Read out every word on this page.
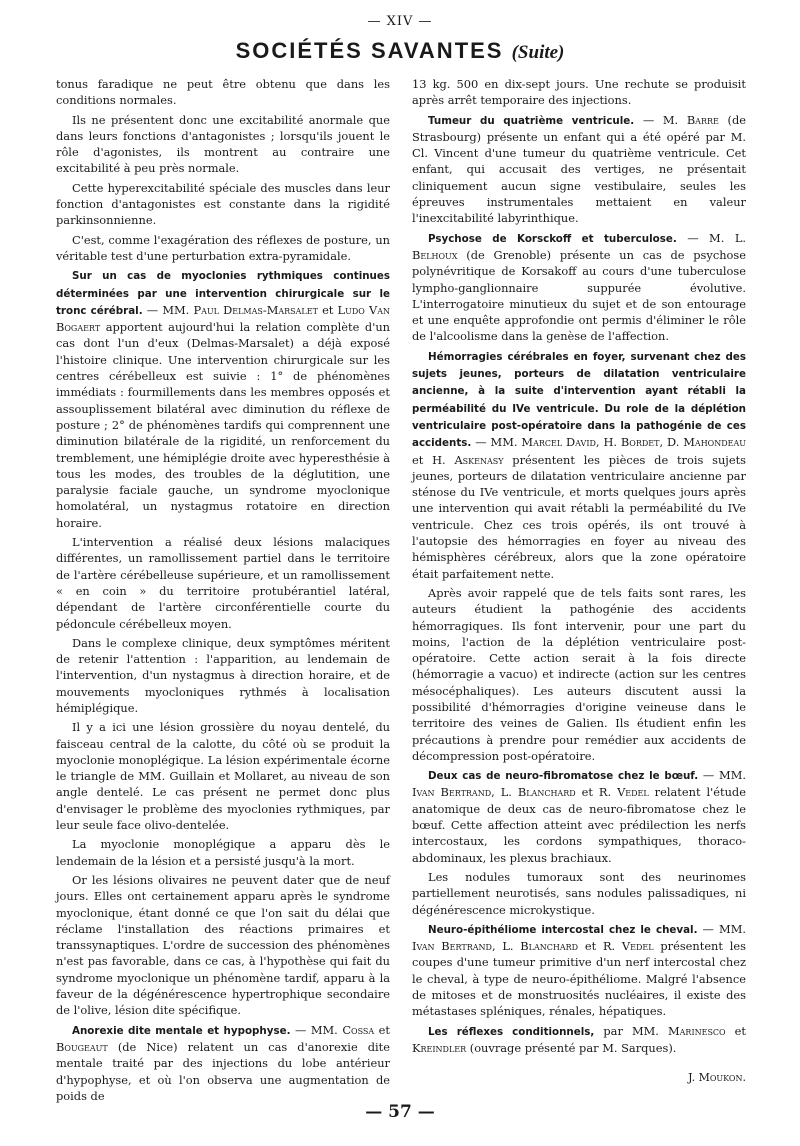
— XIV —
SOCIÉTÉS SAVANTES (Suite)

tonus faradique ne peut être obtenu que dans les conditions normales.

Ils ne présentent donc une excitabilité anormale que dans leurs fonctions d'antagonistes ; lorsqu'ils jouent le rôle d'agonistes, ils montrent au contraire une excitabilité à peu près normale.

Cette hyperexcitabilité spéciale des muscles dans leur fonction d'antagonistes est constante dans la rigidité parkinsonnienne.

C'est, comme l'exagération des réflexes de posture, un véritable test d'une perturbation extra-pyramidale.

Sur un cas de myoclonies rythmiques continues déterminées par une intervention chirurgicale sur le tronc cérébral. — MM. Paul Delmas-Marsalet et Ludo Van Bogaert apportent aujourd'hui la relation complète d'un cas dont l'un d'eux (Delmas-Marsalet) a déjà exposé l'histoire clinique. Une intervention chirurgicale sur les centres cérébelleux est suivie : 1° de phénomènes immédiats : fourmillements dans les membres opposés et assouplissement bilatéral avec diminution du réflexe de posture ; 2° de phénomènes tardifs qui comprennent une diminution bilatérale de la rigidité, un renforcement du tremblement, une hémiplégie droite avec hyperesthésie à tous les modes, des troubles de la déglutition, une paralysie faciale gauche, un syndrome myoclonique homolatéral, un nystagmus rotatoire en direction horaire.

L'intervention a réalisé deux lésions malaciques différentes, un ramollissement partiel dans le territoire de l'artère cérébelleuse supérieure, et un ramollissement « en coin » du territoire protubérantiel latéral, dépendant de l'artère circonférentielle courte du pédoncule cérébelleux moyen.

Dans le complexe clinique, deux symptômes méritent de retenir l'attention : l'apparition, au lendemain de l'intervention, d'un nystagmus à direction horaire, et de mouvements myocloniques rythmés à localisation hémiplégique.

Il y a ici une lésion grossière du noyau dentelé, du faisceau central de la calotte, du côté où se produit la myoclonie monoplégique. La lésion expérimentale écorne le triangle de MM. Guillain et Mollaret, au niveau de son angle dentelé. Le cas présent ne permet donc plus d'envisager le problème des myoclonies rythmiques, par leur seule face olivo-dentelée.

La myoclonie monoplégique a apparu dès le lendemain de la lésion et a persisté jusqu'à la mort.

Or les lésions olivaires ne peuvent dater que de neuf jours. Elles ont certainement apparu après le syndrome myoclonique, étant donné ce que l'on sait du délai que réclame l'installation des réactions primaires et transsynaptiques. L'ordre de succession des phénomènes n'est pas favorable, dans ce cas, à l'hypothèse qui fait du syndrome myoclonique un phénomène tardif, apparu à la faveur de la dégénérescence hypertrophique secondaire de l'olive, lésion dite spécifique.

Anorexie dite mentale et hypophyse. — MM. Cossa et Bougeaut (de Nice) relatent un cas d'anorexie dite mentale traité par des injections du lobe antérieur d'hypophyse, et où l'on observa une augmentation de poids de

13 kg. 500 en dix-sept jours. Une rechute se produisit après arrêt temporaire des injections.

Tumeur du quatrième ventricule. — M. Barre (de Strasbourg) présente un enfant qui a été opéré par M. Cl. Vincent d'une tumeur du quatrième ventricule. Cet enfant, qui accusait des vertiges, ne présentait cliniquement aucun signe vestibulaire, seules les épreuves instrumentales mettaient en valeur l'inexcitabilité labyrinthique.

Psychose de Korsckoff et tuberculose. — M. L. Belhoux (de Grenoble) présente un cas de psychose polynévritique de Korsakoff au cours d'une tuberculose lympho-ganglionnaire suppurée évolutive. L'interrogatoire minutieux du sujet et de son entourage et une enquête approfondie ont permis d'éliminer le rôle de l'alcoolisme dans la genèse de l'affection.

Hémorragies cérébrales en foyer, survenant chez des sujets jeunes, porteurs de dilatation ventriculaire ancienne, à la suite d'intervention ayant rétabli la perméabilité du IVe ventricule. Du role de la déplétion ventriculaire post-opératoire dans la pathogénie de ces accidents. — MM. Marcel David, H. Bordet, D. Mahondeau et H. Askenasy présentent les pièces de trois sujets jeunes, porteurs de dilatation ventriculaire ancienne par sténose du IVe ventricule, et morts quelques jours après une intervention qui avait rétabli la perméabilité du IVe ventricule. Chez ces trois opérés, ils ont trouvé à l'autopsie des hémorragies en foyer au niveau des hémisphères cérébreux, alors que la zone opératoire était parfaitement nette.

Après avoir rappelé que de tels faits sont rares, les auteurs étudient la pathogénie des accidents hémorragiques. Ils font intervenir, pour une part du moins, l'action de la déplétion ventriculaire post-opératoire. Cette action serait à la fois directe (hémorragie a vacuo) et indirecte (action sur les centres mésocéphaliques). Les auteurs discutent aussi la possibilité d'hémorragies d'origine veineuse dans le territoire des veines de Galien. Ils étudient enfin les précautions à prendre pour remédier aux accidents de décompression post-opératoire.

Deux cas de neuro-fibromatose chez le bœuf. — MM. Ivan Bertrand, L. Blanchard et R. Vedel relatent l'étude anatomique de deux cas de neuro-fibromatose chez le bœuf. Cette affection atteint avec prédilection les nerfs intercostaux, les cordons sympathiques, thoraco-abdominaux, les plexus brachiaux.

Les nodules tumoraux sont des neurinomes partiellement neurotisés, sans nodules palissadiques, ni dégénérescence microkystique.

Neuro-épithéliome intercostal chez le cheval. — MM. Ivan Bertrand, L. Blanchard et R. Vedel présentent les coupes d'une tumeur primitive d'un nerf intercostal chez le cheval, à type de neuro-épithéliome. Malgré l'absence de mitoses et de monstruosités nucléaires, il existe des métastases spléniques, rénales, hépatiques.

Les réflexes conditionnels, par MM. Marinesco et Kreindler (ouvrage présenté par M. Sarques).

J. Moukon.
— 57 —
